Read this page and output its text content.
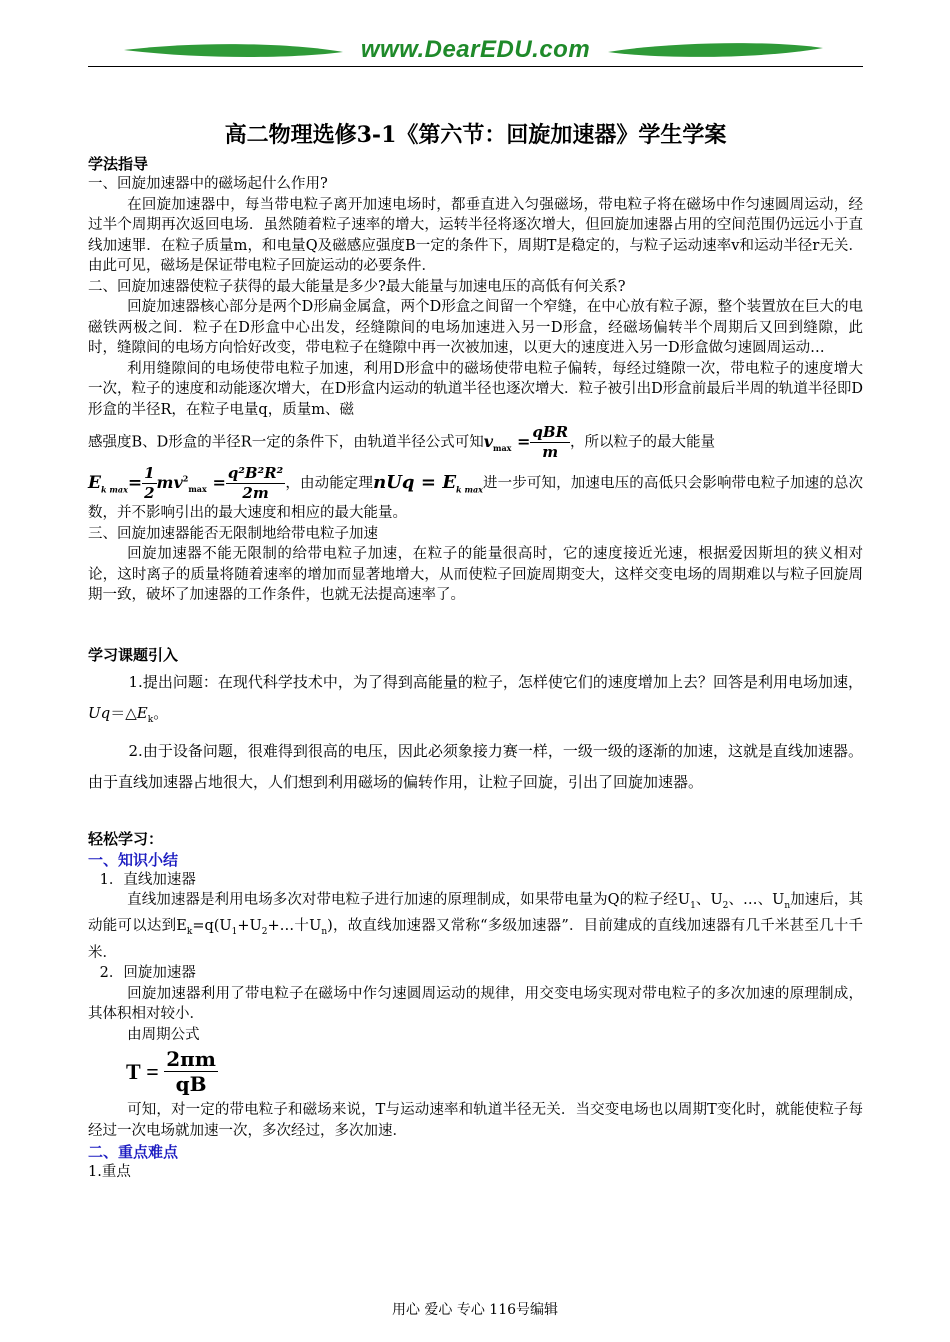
www.DearEDU.com
高二物理选修3-1《第六节：回旋加速器》学生学案
学法指导

一、回旋加速器中的磁场起什么作用?

在回旋加速器中，每当带电粒子离开加速电场时，都垂直进入匀强磁场，带电粒子将在磁场中作匀速圆周运动，经过半个周期再次返回电场．虽然随着粒子速率的增大，运转半径将逐次增大，但回旋加速器占用的空间范围仍远远小于直线加速罪．在粒子质量m，和电量Q及磁感应强度B一定的条件下，周期T是稳定的，与粒子运动速率v和运动半径r无关．由此可见，磁场是保证带电粒子回旋运动的必要条件．

二、回旋加速器使粒子获得的最大能量是多少?最大能量与加速电压的高低有何关系?

回旋加速器核心部分是两个D形扁金属盒，两个D形盒之间留一个窄缝，在中心放有粒子源，整个装置放在巨大的电磁铁两极之间．粒子在D形盒中心出发，经缝隙间的电场加速进入另一D形盒，经磁场偏转半个周期后又回到缝隙，此时，缝隙间的电场方向恰好改变，带电粒子在缝隙中再一次被加速，以更大的速度进入另一D形盒做匀速圆周运动…

利用缝隙间的电场使带电粒子加速，利用D形盒中的磁场使带电粒子偏转，每经过缝隙一次，带电粒子的速度增大一次，粒子的速度和动能逐次增大，在D形盒内运动的轨道半径也逐次增大．粒子被引出D形盒前最后半周的轨道半径即D形盒的半径R，在粒子电量q，质量m、磁

感强度B、D形盒的半径R一定的条件下，由轨道半径公式可知$v_{max} = \frac{\text{qBR}}{m}$ ，所以粒子的最大能量

$E_{k max}= \frac{1}{2} mv^2_{max} = \frac{\text{q²B²R²}}{2m}$ ，由动能定理nUq = $E_{k max}$进一步可知，加速电压的高低只会影响带电粒子加速的总次数，并不影响引出的最大速度和相应的最大能量。

三、回旋加速器能否无限制地给带电粒子加速

回旋加速器不能无限制的给带电粒子加速，在粒子的能量很高时，它的速度接近光速，根据爱因斯坦的狭义相对论，这时离子的质量将随着速率的增加而显著地增大，从而使粒子回旋周期变大，这样交变电场的周期难以与粒子回旋周期一致，破坏了加速器的工作条件，也就无法提高速率了。

学习课题引入

1.提出问题：在现代科学技术中，为了得到高能量的粒子，怎样使它们的速度增加上去？回答是利用电场加速，$Uq=\triangle E_k$。

2.由于设备问题，很难得到很高的电压，因此必须象接力赛一样，一级一级的逐渐的加速，这就是直线加速器。由于直线加速器占地很大，人们想到利用磁场的偏转作用，让粒子回旋，引出了回旋加速器。

轻松学习：
一、知识小结

1．直线加速器

直线加速器是利用电场多次对带电粒子进行加速的原理制成，如果带电量为Q的粒子经$U_1$、$U_2$、…、$U_n$加速后，其动能可以达到$E_k=q(U_1+U_2+\dots$十$U_n$)，故直线加速器又常称“多级加速器”．目前建成的直线加速器有几千米甚至几十千米．

2．回旋加速器

回旋加速器利用了带电粒子在磁场中作匀速圆周运动的规律，用交变电场实现对带电粒子的多次加速的原理制成，其体积相对较小．

由周期公式

T
=
$\frac{2\pi m}{qB}$

可知，对一定的带电粒子和磁场来说，T与运动速率和轨道半径无关．当交变电场也以周期T变化时，就能使粒子每经过一次电场就加速一次，多次经过，多次加速．

二、重点难点

1.重点

用心 爱心 专心 116号编辑
